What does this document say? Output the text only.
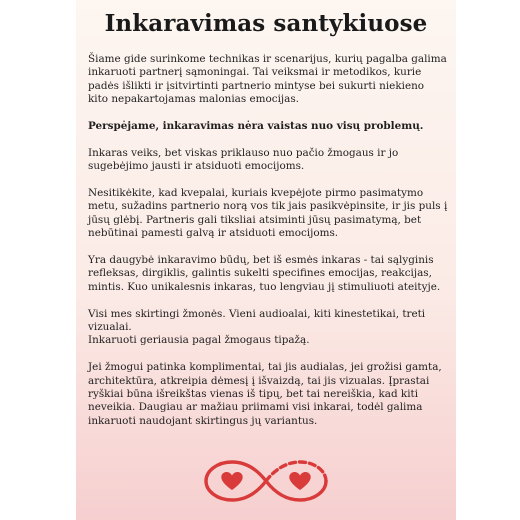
Inkaravimas santykiuose

Šiame gide surinkome technikas ir scenarijus, kurių pagalba galima
inkaruoti partnerį sąmoningai. Tai veiksmai ir metodikos, kurie
padės išlikti ir įsitvirtinti partnerio mintyse bei sukurti niekieno
kito nepakartojamas malonias emocijas.

Perspėjame, inkaravimas nėra vaistas nuo visų problemų.

Inkaras veiks, bet viskas priklauso nuo pačio žmogaus ir jo
sugebėjimo jausti ir atsiduoti emocijoms.

Nesitikėkite, kad kvepalai, kuriais kvepėjote pirmo pasimatymo
metu, sužadins partnerio norą vos tik jais pasikvėpinsite, ir jis puls į
jūsų glėbį. Partneris gali tiksliai atsiminti jūsų pasimatymą, bet
nebūtinai pamesti galvą ir atsiduoti emocijoms.

Yra daugybė inkaravimo būdų, bet iš esmės inkaras - tai sąlyginis
refleksas, dirgiklis, galintis sukelti specifines emocijas, reakcijas,
mintis. Kuo unikalesnis inkaras, tuo lengviau jį stimuliuoti ateityje.

Visi mes skirtingi žmonės. Vieni audioalai, kiti kinestetikai, treti
vizualai.
Inkaruoti geriausia pagal žmogaus tipažą.

Jei žmogui patinka komplimentai, tai jis audialas, jei grožisi gamta,
architektūra, atkreipia dėmesį į išvaizdą, tai jis vizualas. Įprastai
ryškiai būna išreikštas vienas iš tipų, bet tai nereiškia, kad kiti
neveikia. Daugiau ar mažiau priimami visi inkarai, todėl galima
inkaruoti naudojant skirtingus jų variantus.
